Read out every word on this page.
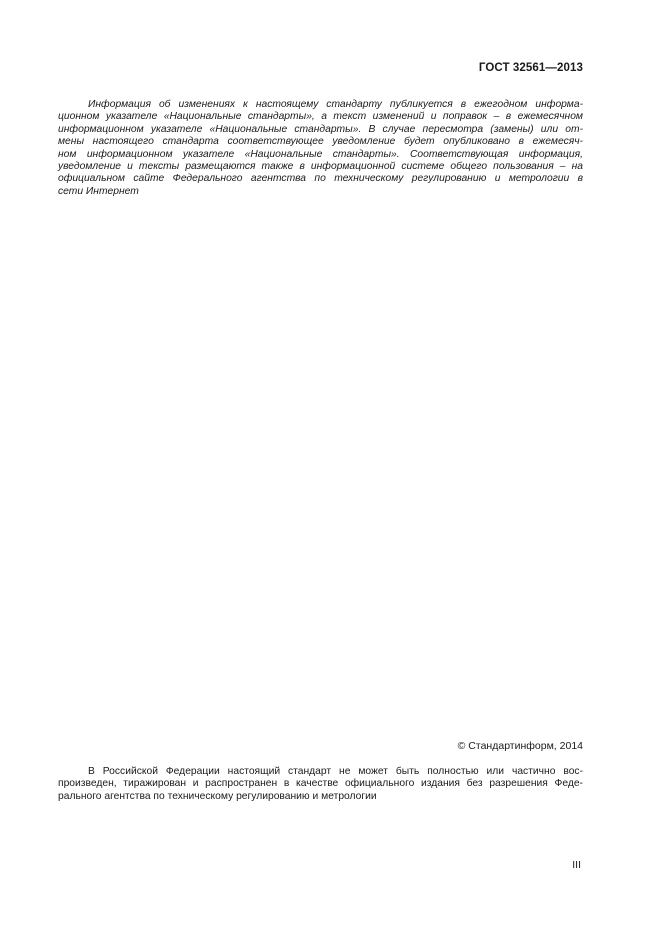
ГОСТ 32561—2013
Информация об изменениях к настоящему стандарту публикуется в ежегодном информа-
ционном указателе «Национальные стандарты», а текст изменений и поправок – в ежемесячном
информационном указателе «Национальные стандарты». В случае пересмотра (замены) или от-
мены настоящего стандарта соответствующее уведомление будет опубликовано в ежемесяч-
ном информационном указателе «Национальные стандарты». Соответствующая информация,
уведомление и тексты размещаются также в информационной системе общего пользования – на
официальном сайте Федерального агентства по техническому регулированию и метрологии в
сети Интернет
© Стандартинформ, 2014
В Российской Федерации настоящий стандарт не может быть полностью или частично вос-
произведен, тиражирован и распространен в качестве официального издания без разрешения Феде-
рального агентства по техническому регулированию и метрологии
III
